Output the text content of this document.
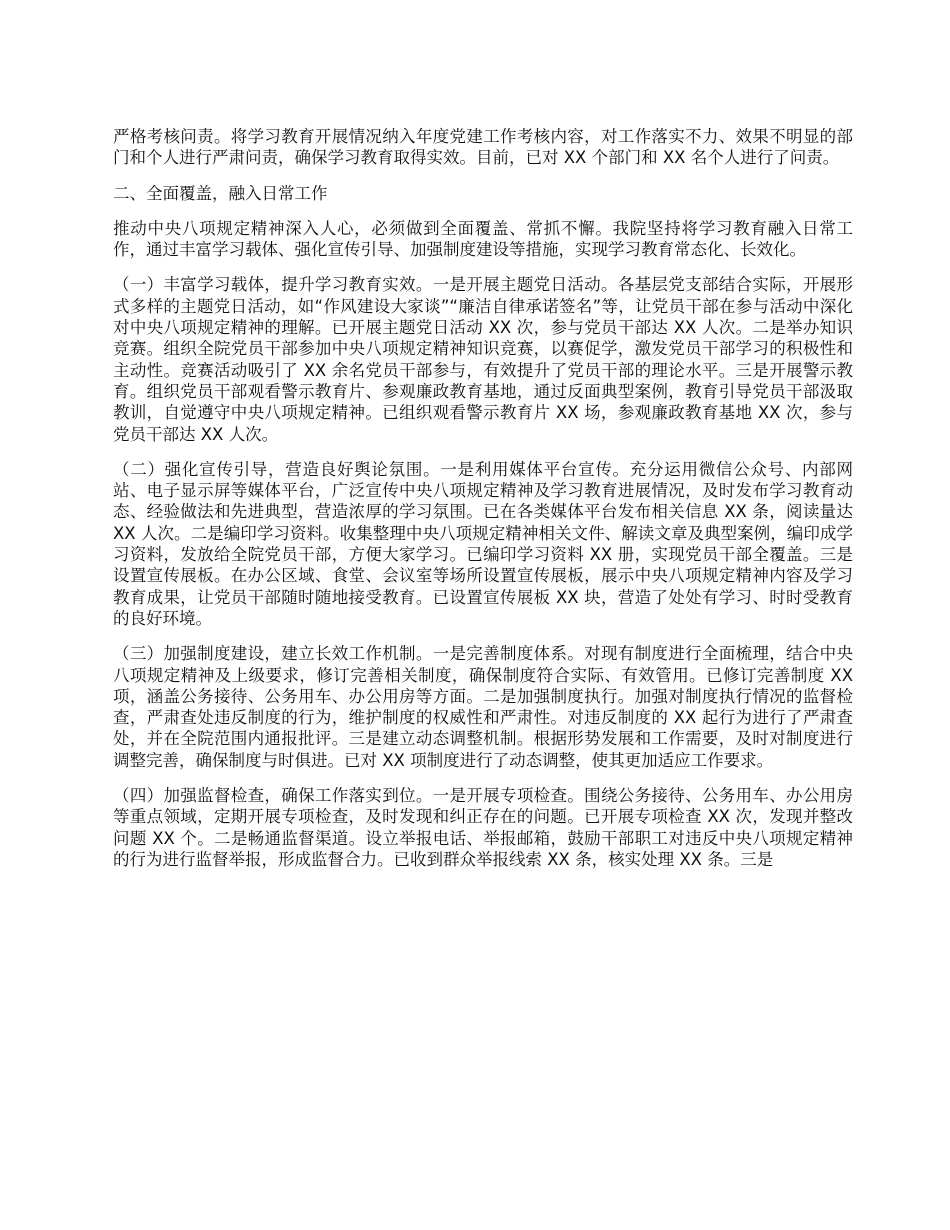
严格考核问责。将学习教育开展情况纳入年度党建工作考核内容，对工作落实不力、效果不明显的部门和个人进行严肃问责，确保学习教育取得实效。目前，已对 XX 个部门和 XX 名个人进行了问责。

二、全面覆盖，融入日常工作

推动中央八项规定精神深入人心，必须做到全面覆盖、常抓不懈。我院坚持将学习教育融入日常工作，通过丰富学习载体、强化宣传引导、加强制度建设等措施，实现学习教育常态化、长效化。

（一）丰富学习载体，提升学习教育实效。一是开展主题党日活动。各基层党支部结合实际，开展形式多样的主题党日活动，如“作风建设大家谈”“廉洁自律承诺签名”等，让党员干部在参与活动中深化对中央八项规定精神的理解。已开展主题党日活动 XX 次，参与党员干部达 XX 人次。二是举办知识竞赛。组织全院党员干部参加中央八项规定精神知识竞赛，以赛促学，激发党员干部学习的积极性和主动性。竞赛活动吸引了 XX 余名党员干部参与，有效提升了党员干部的理论水平。三是开展警示教育。组织党员干部观看警示教育片、参观廉政教育基地，通过反面典型案例，教育引导党员干部汲取教训，自觉遵守中央八项规定精神。已组织观看警示教育片 XX 场，参观廉政教育基地 XX 次，参与党员干部达 XX 人次。

（二）强化宣传引导，营造良好舆论氛围。一是利用媒体平台宣传。充分运用微信公众号、内部网站、电子显示屏等媒体平台，广泛宣传中央八项规定精神及学习教育进展情况，及时发布学习教育动态、经验做法和先进典型，营造浓厚的学习氛围。已在各类媒体平台发布相关信息 XX 条，阅读量达 XX 人次。二是编印学习资料。收集整理中央八项规定精神相关文件、解读文章及典型案例，编印成学习资料，发放给全院党员干部，方便大家学习。已编印学习资料 XX 册，实现党员干部全覆盖。三是设置宣传展板。在办公区域、食堂、会议室等场所设置宣传展板，展示中央八项规定精神内容及学习教育成果，让党员干部随时随地接受教育。已设置宣传展板 XX 块，营造了处处有学习、时时受教育的良好环境。

（三）加强制度建设，建立长效工作机制。一是完善制度体系。对现有制度进行全面梳理，结合中央八项规定精神及上级要求，修订完善相关制度，确保制度符合实际、有效管用。已修订完善制度 XX 项，涵盖公务接待、公务用车、办公用房等方面。二是加强制度执行。加强对制度执行情况的监督检查，严肃查处违反制度的行为，维护制度的权威性和严肃性。对违反制度的 XX 起行为进行了严肃查处，并在全院范围内通报批评。三是建立动态调整机制。根据形势发展和工作需要，及时对制度进行调整完善，确保制度与时俱进。已对 XX 项制度进行了动态调整，使其更加适应工作要求。

（四）加强监督检查，确保工作落实到位。一是开展专项检查。围绕公务接待、公务用车、办公用房等重点领域，定期开展专项检查，及时发现和纠正存在的问题。已开展专项检查 XX 次，发现并整改问题 XX 个。二是畅通监督渠道。设立举报电话、举报邮箱，鼓励干部职工对违反中央八项规定精神的行为进行监督举报，形成监督合力。已收到群众举报线索 XX 条，核实处理 XX 条。三是
